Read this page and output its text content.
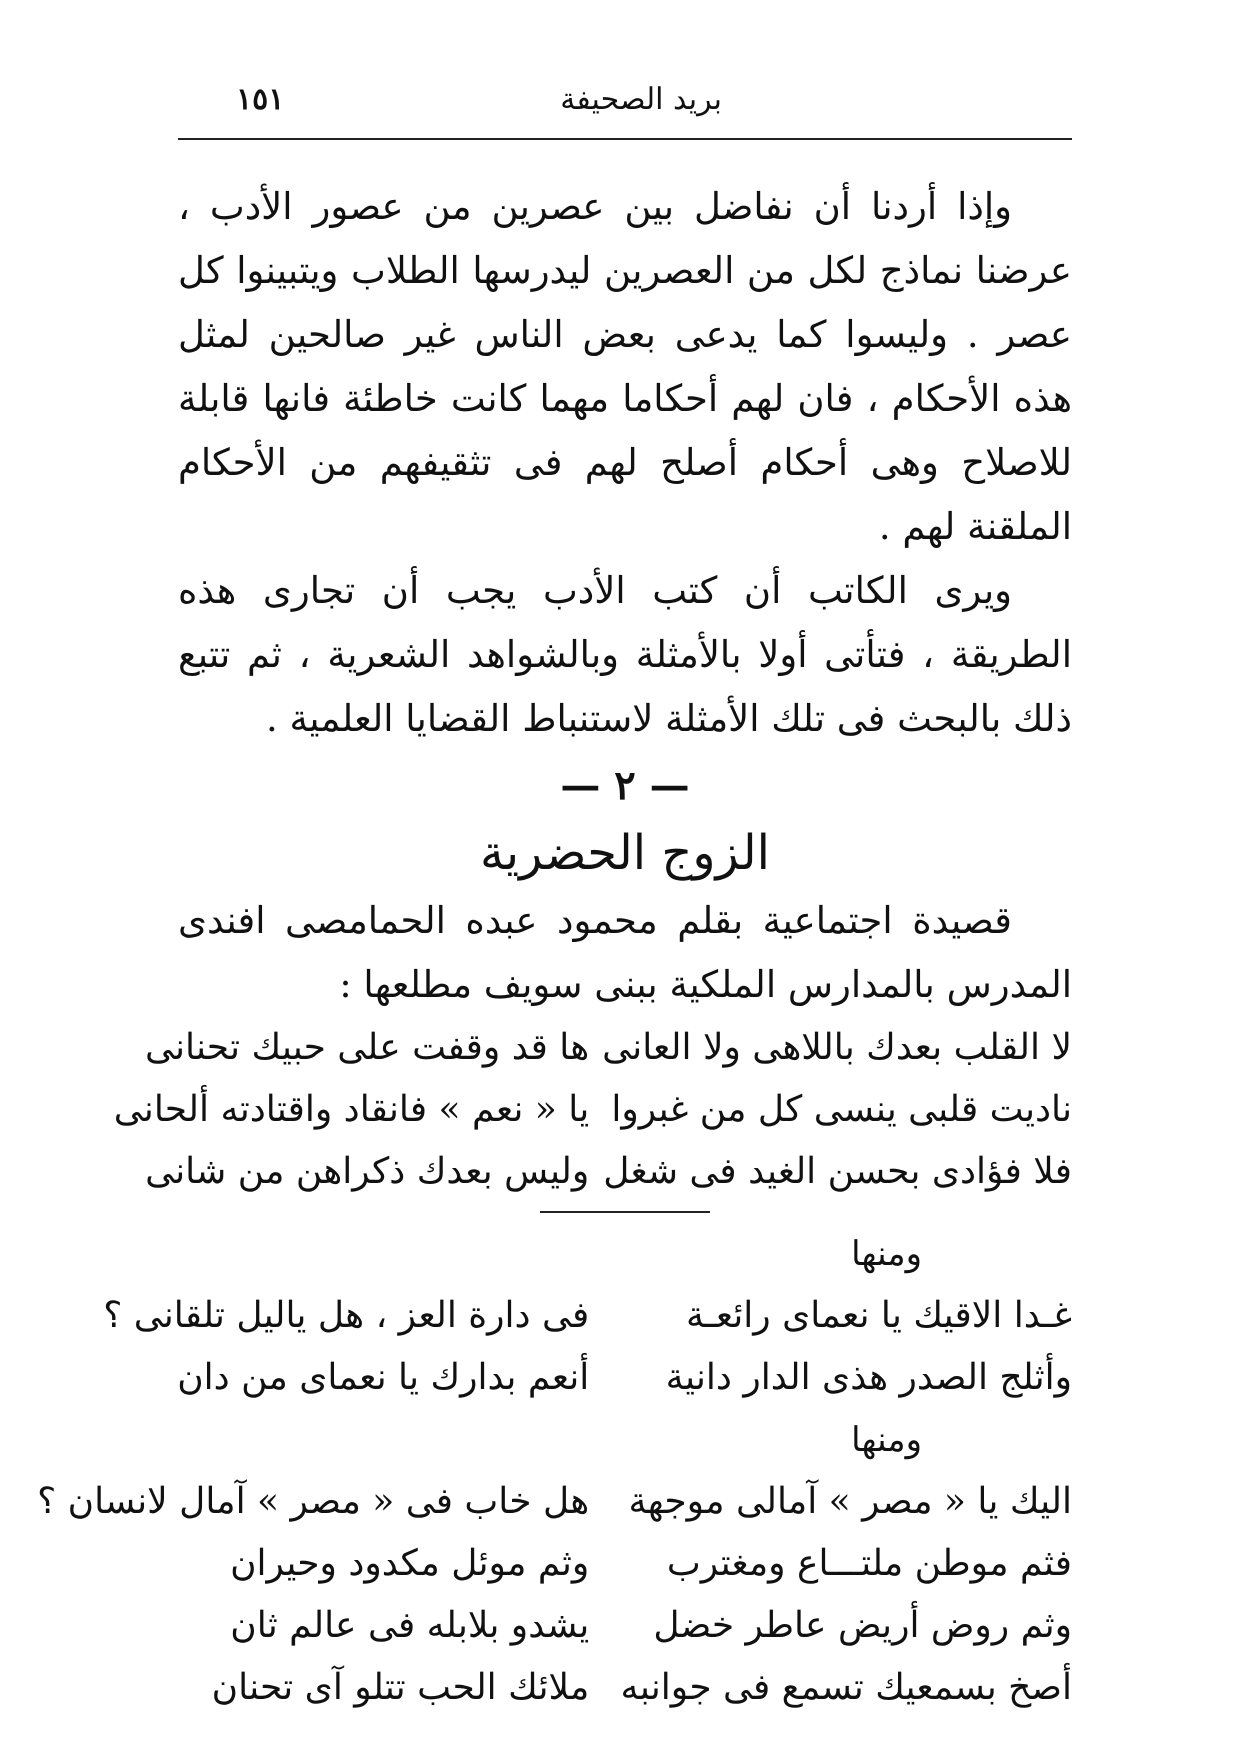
بريد الصحيفة
١٥١

وإذا أردنا أن نفاضل بين عصرين من عصور الأدب ، عرضنا نماذج لكل من العصرين ليدرسها الطلاب ويتبينوا كل عصر . وليسوا كما يدعى بعض الناس غير صالحين لمثل هذه الأحكام ، فان لهم أحكاما مهما كانت خاطئة فانها قابلة للاصلاح وهى أحكام أصلح لهم فى تثقيفهم من الأحكام الملقنة لهم .

ويرى الكاتب أن كتب الأدب يجب أن تجارى هذه الطريقة ، فتأتى أولا بالأمثلة وبالشواهد الشعرية ، ثم تتبع ذلك بالبحث فى تلك الأمثلة لاستنباط القضايا العلمية .

— ٢ —

الزوج الحضرية

قصيدة اجتماعية بقلم محمود عبده الحمامصى افندى المدرس بالمدارس الملكية ببنى سويف مطلعها :

لا القلب بعدك باللاهى ولا العانى
ها قد وقفت على حبيك تحنانى
ناديت قلبى ينسى كل من غبروا
يا « نعم » فانقاد واقتادته ألحانى
فلا فؤادى بحسن الغيد فى شغل
وليس بعدك ذكراهن من شانى

ومنها

غـدا الاقيك يا نعماى رائعـة
فى دارة العز ، هل ياليل تلقانى ؟
وأثلج الصدر هذى الدار دانية
أنعم بدارك يا نعماى من دان

ومنها

اليك يا « مصر » آمالى موجهة
هل خاب فى « مصر » آمال لانسان ؟
فثم موطن ملتـــاع ومغترب
وثم موئل مكدود وحيران
وثم روض أريض عاطر خضل
يشدو بلابله فى عالم ثان
أصخ بسمعيك تسمع فى جوانبه
ملائك الحب تتلو آى تحنان
